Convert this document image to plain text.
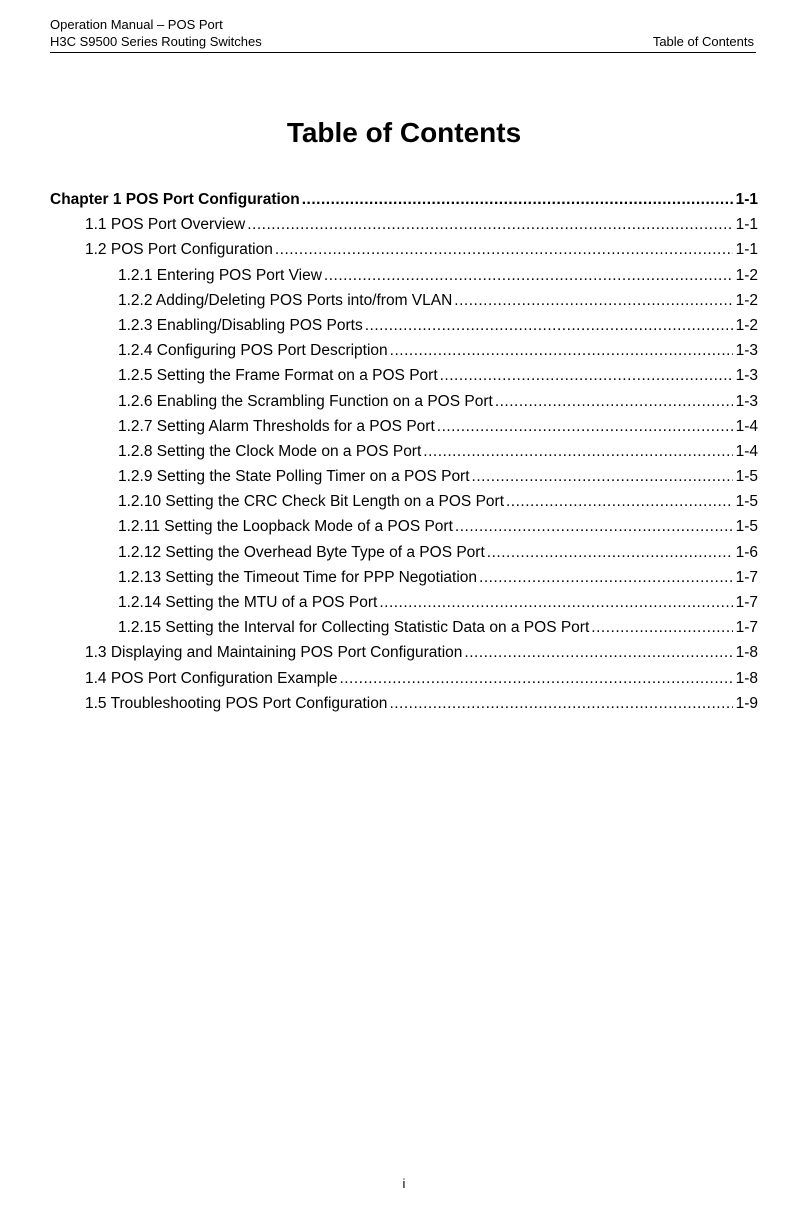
Operation Manual – POS Port
H3C S9500 Series Routing Switches	Table of Contents
Table of Contents
Chapter 1 POS Port Configuration .....	1-1
1.1 POS Port Overview .....	1-1
1.2 POS Port Configuration .....	1-1
1.2.1 Entering POS Port View .....	1-2
1.2.2 Adding/Deleting POS Ports into/from VLAN .....	1-2
1.2.3 Enabling/Disabling POS Ports .....	1-2
1.2.4 Configuring POS Port Description .....	1-3
1.2.5 Setting the Frame Format on a POS Port .....	1-3
1.2.6 Enabling the Scrambling Function on a POS Port .....	1-3
1.2.7 Setting Alarm Thresholds for a POS Port .....	1-4
1.2.8 Setting the Clock Mode on a POS Port .....	1-4
1.2.9 Setting the State Polling Timer on a POS Port .....	1-5
1.2.10 Setting the CRC Check Bit Length on a POS Port .....	1-5
1.2.11 Setting the Loopback Mode of a POS Port .....	1-5
1.2.12 Setting the Overhead Byte Type of a POS Port .....	1-6
1.2.13 Setting the Timeout Time for PPP Negotiation .....	1-7
1.2.14 Setting the MTU of a POS Port .....	1-7
1.2.15 Setting the Interval for Collecting Statistic Data on a POS Port .....	1-7
1.3 Displaying and Maintaining POS Port Configuration .....	1-8
1.4 POS Port Configuration Example .....	1-8
1.5 Troubleshooting POS Port Configuration .....	1-9
i
